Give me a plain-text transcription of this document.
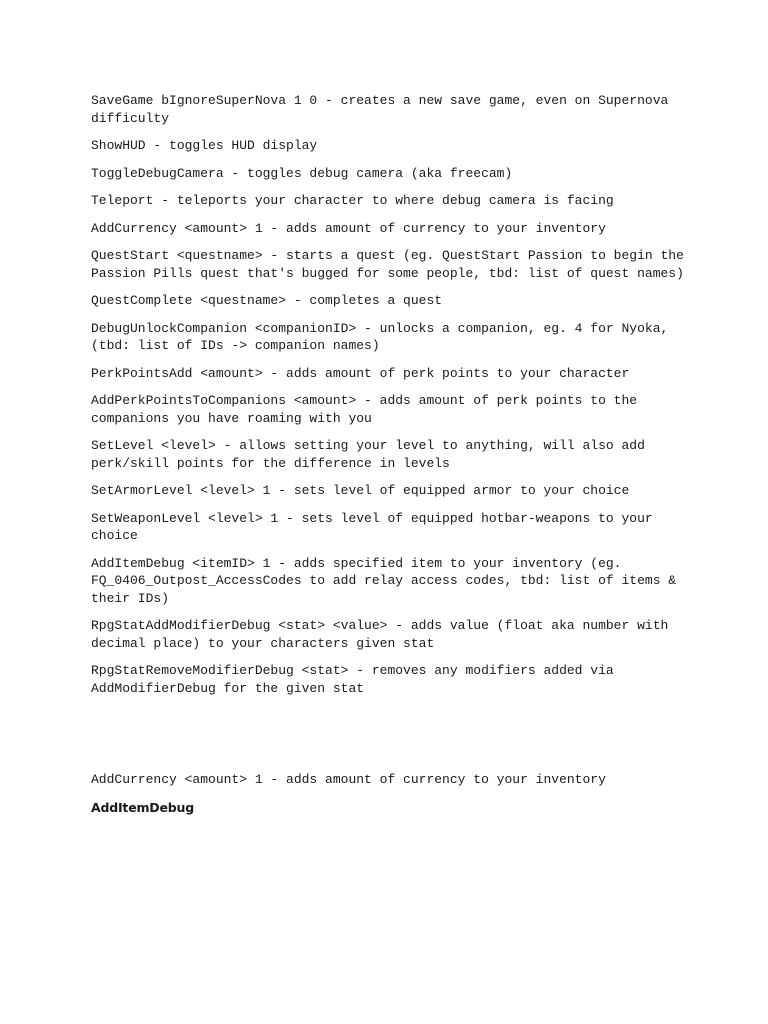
SaveGame bIgnoreSuperNova 1 0 - creates a new save game, even on Supernova difficulty

ShowHUD - toggles HUD display

ToggleDebugCamera - toggles debug camera (aka freecam)

Teleport - teleports your character to where debug camera is facing

AddCurrency <amount> 1 - adds amount of currency to your inventory

QuestStart <questname> - starts a quest (eg. QuestStart Passion to begin the Passion Pills quest that's bugged for some people, tbd: list of quest names)

QuestComplete <questname> - completes a quest

DebugUnlockCompanion <companionID> - unlocks a companion, eg. 4 for Nyoka, (tbd: list of IDs -> companion names)

PerkPointsAdd <amount> - adds amount of perk points to your character

AddPerkPointsToCompanions <amount> - adds amount of perk points to the companions you have roaming with you

SetLevel <level> - allows setting your level to anything, will also add perk/skill points for the difference in levels

SetArmorLevel <level> 1 - sets level of equipped armor to your choice

SetWeaponLevel <level> 1 - sets level of equipped hotbar-weapons to your choice

AddItemDebug <itemID> 1 - adds specified item to your inventory (eg. FQ_0406_Outpost_AccessCodes to add relay access codes, tbd: list of items & their IDs)

RpgStatAddModifierDebug <stat> <value> - adds value (float aka number with decimal place) to your characters given stat

RpgStatRemoveModifierDebug <stat> - removes any modifiers added via AddModifierDebug for the given stat

AddCurrency <amount> 1 - adds amount of currency to your inventory

AddItemDebug
